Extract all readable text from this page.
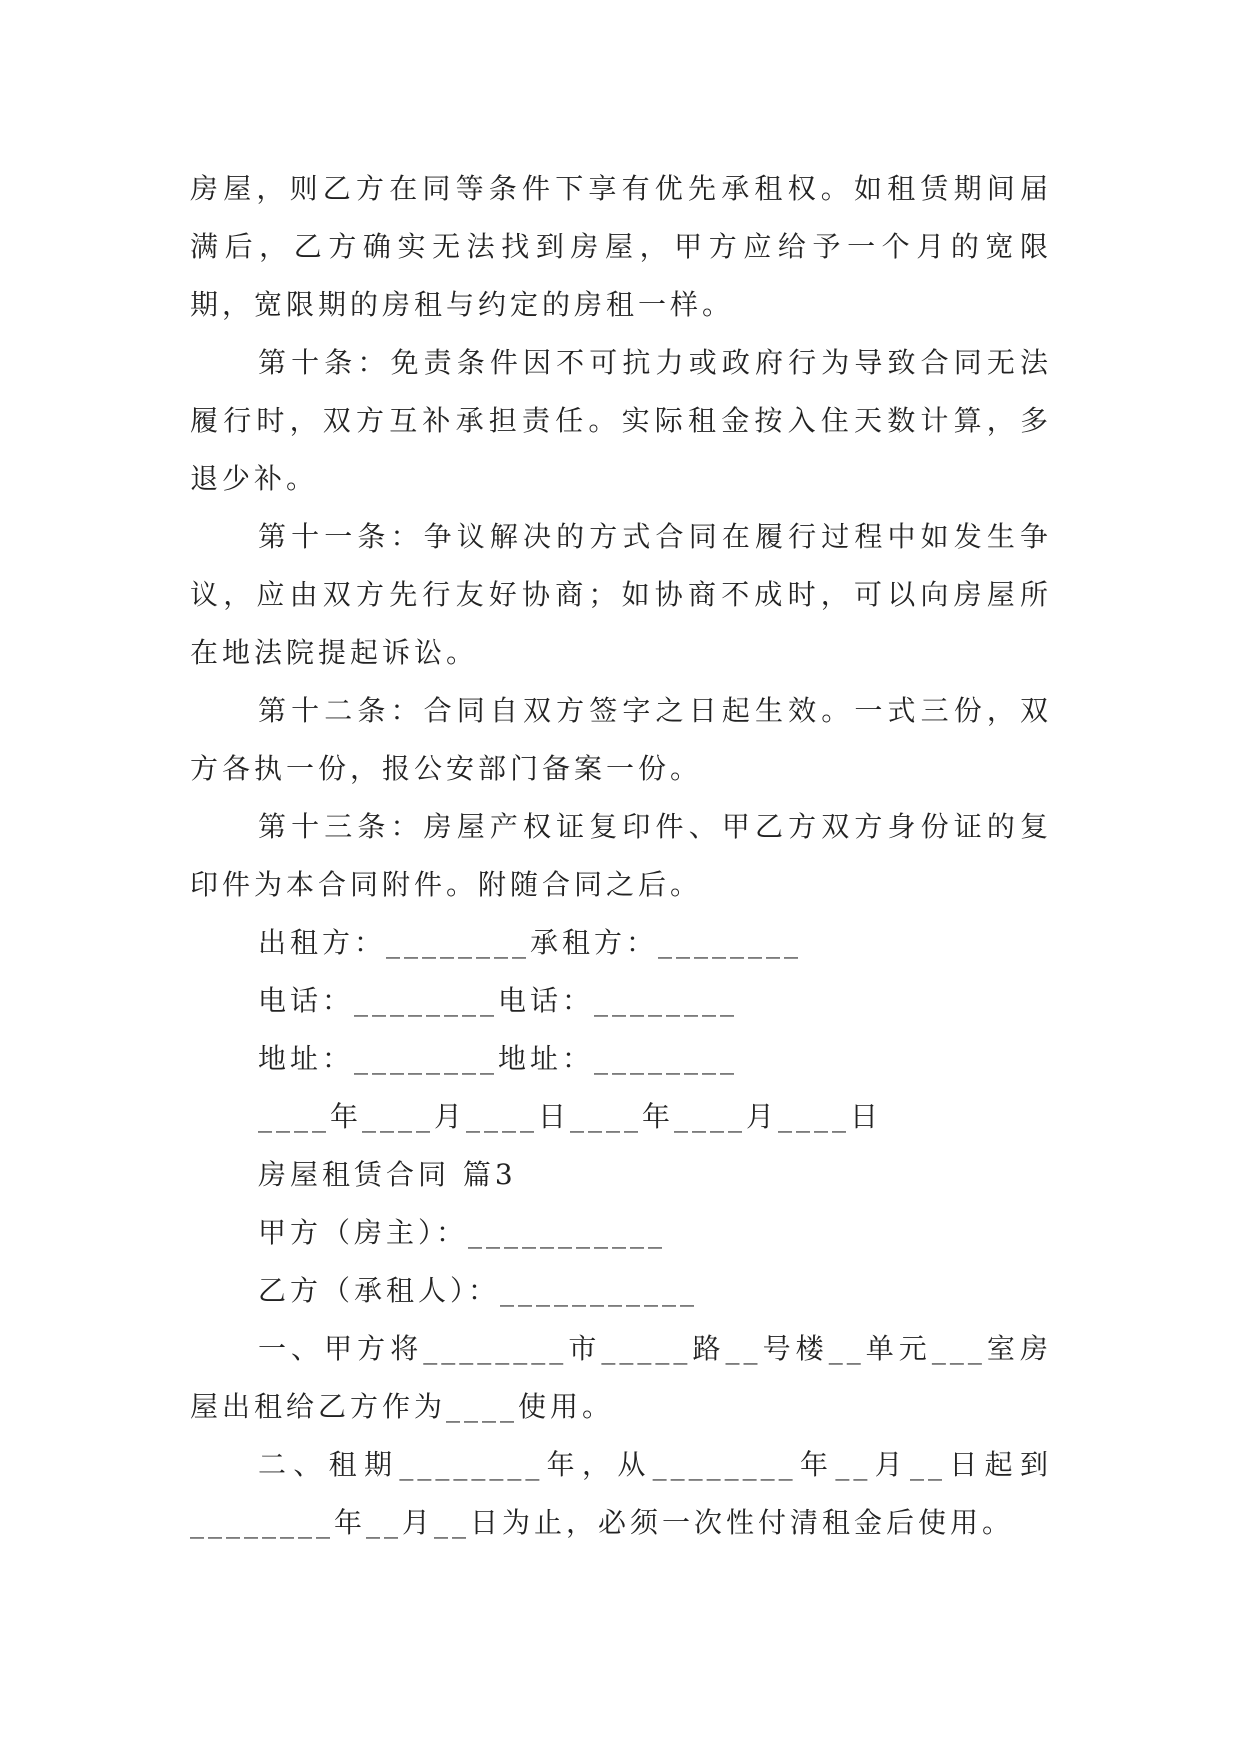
房屋，则乙方在同等条件下享有优先承租权。如租赁期间届满后，乙方确实无法找到房屋，甲方应给予一个月的宽限期，宽限期的房租与约定的房租一样。

第十条：免责条件因不可抗力或政府行为导致合同无法履行时，双方互补承担责任。实际租金按入住天数计算，多退少补。

第十一条：争议解决的方式合同在履行过程中如发生争议，应由双方先行友好协商；如协商不成时，可以向房屋所在地法院提起诉讼。

第十二条：合同自双方签字之日起生效。一式三份，双方各执一份，报公安部门备案一份。

第十三条：房屋产权证复印件、甲乙方双方身份证的复印件为本合同附件。附随合同之后。

出租方：________承租方：________

电话：________电话：________

地址：________地址：________

____年____月____日____年____月____日

房屋租赁合同 篇3

甲方（房主）：___________

乙方（承租人）：___________

一、甲方将________市_____路__号楼__单元___室房屋出租给乙方作为____使用。

二、租期________年，从________年__月__日起到________年__月__日为止，必须一次性付清租金后使用。
